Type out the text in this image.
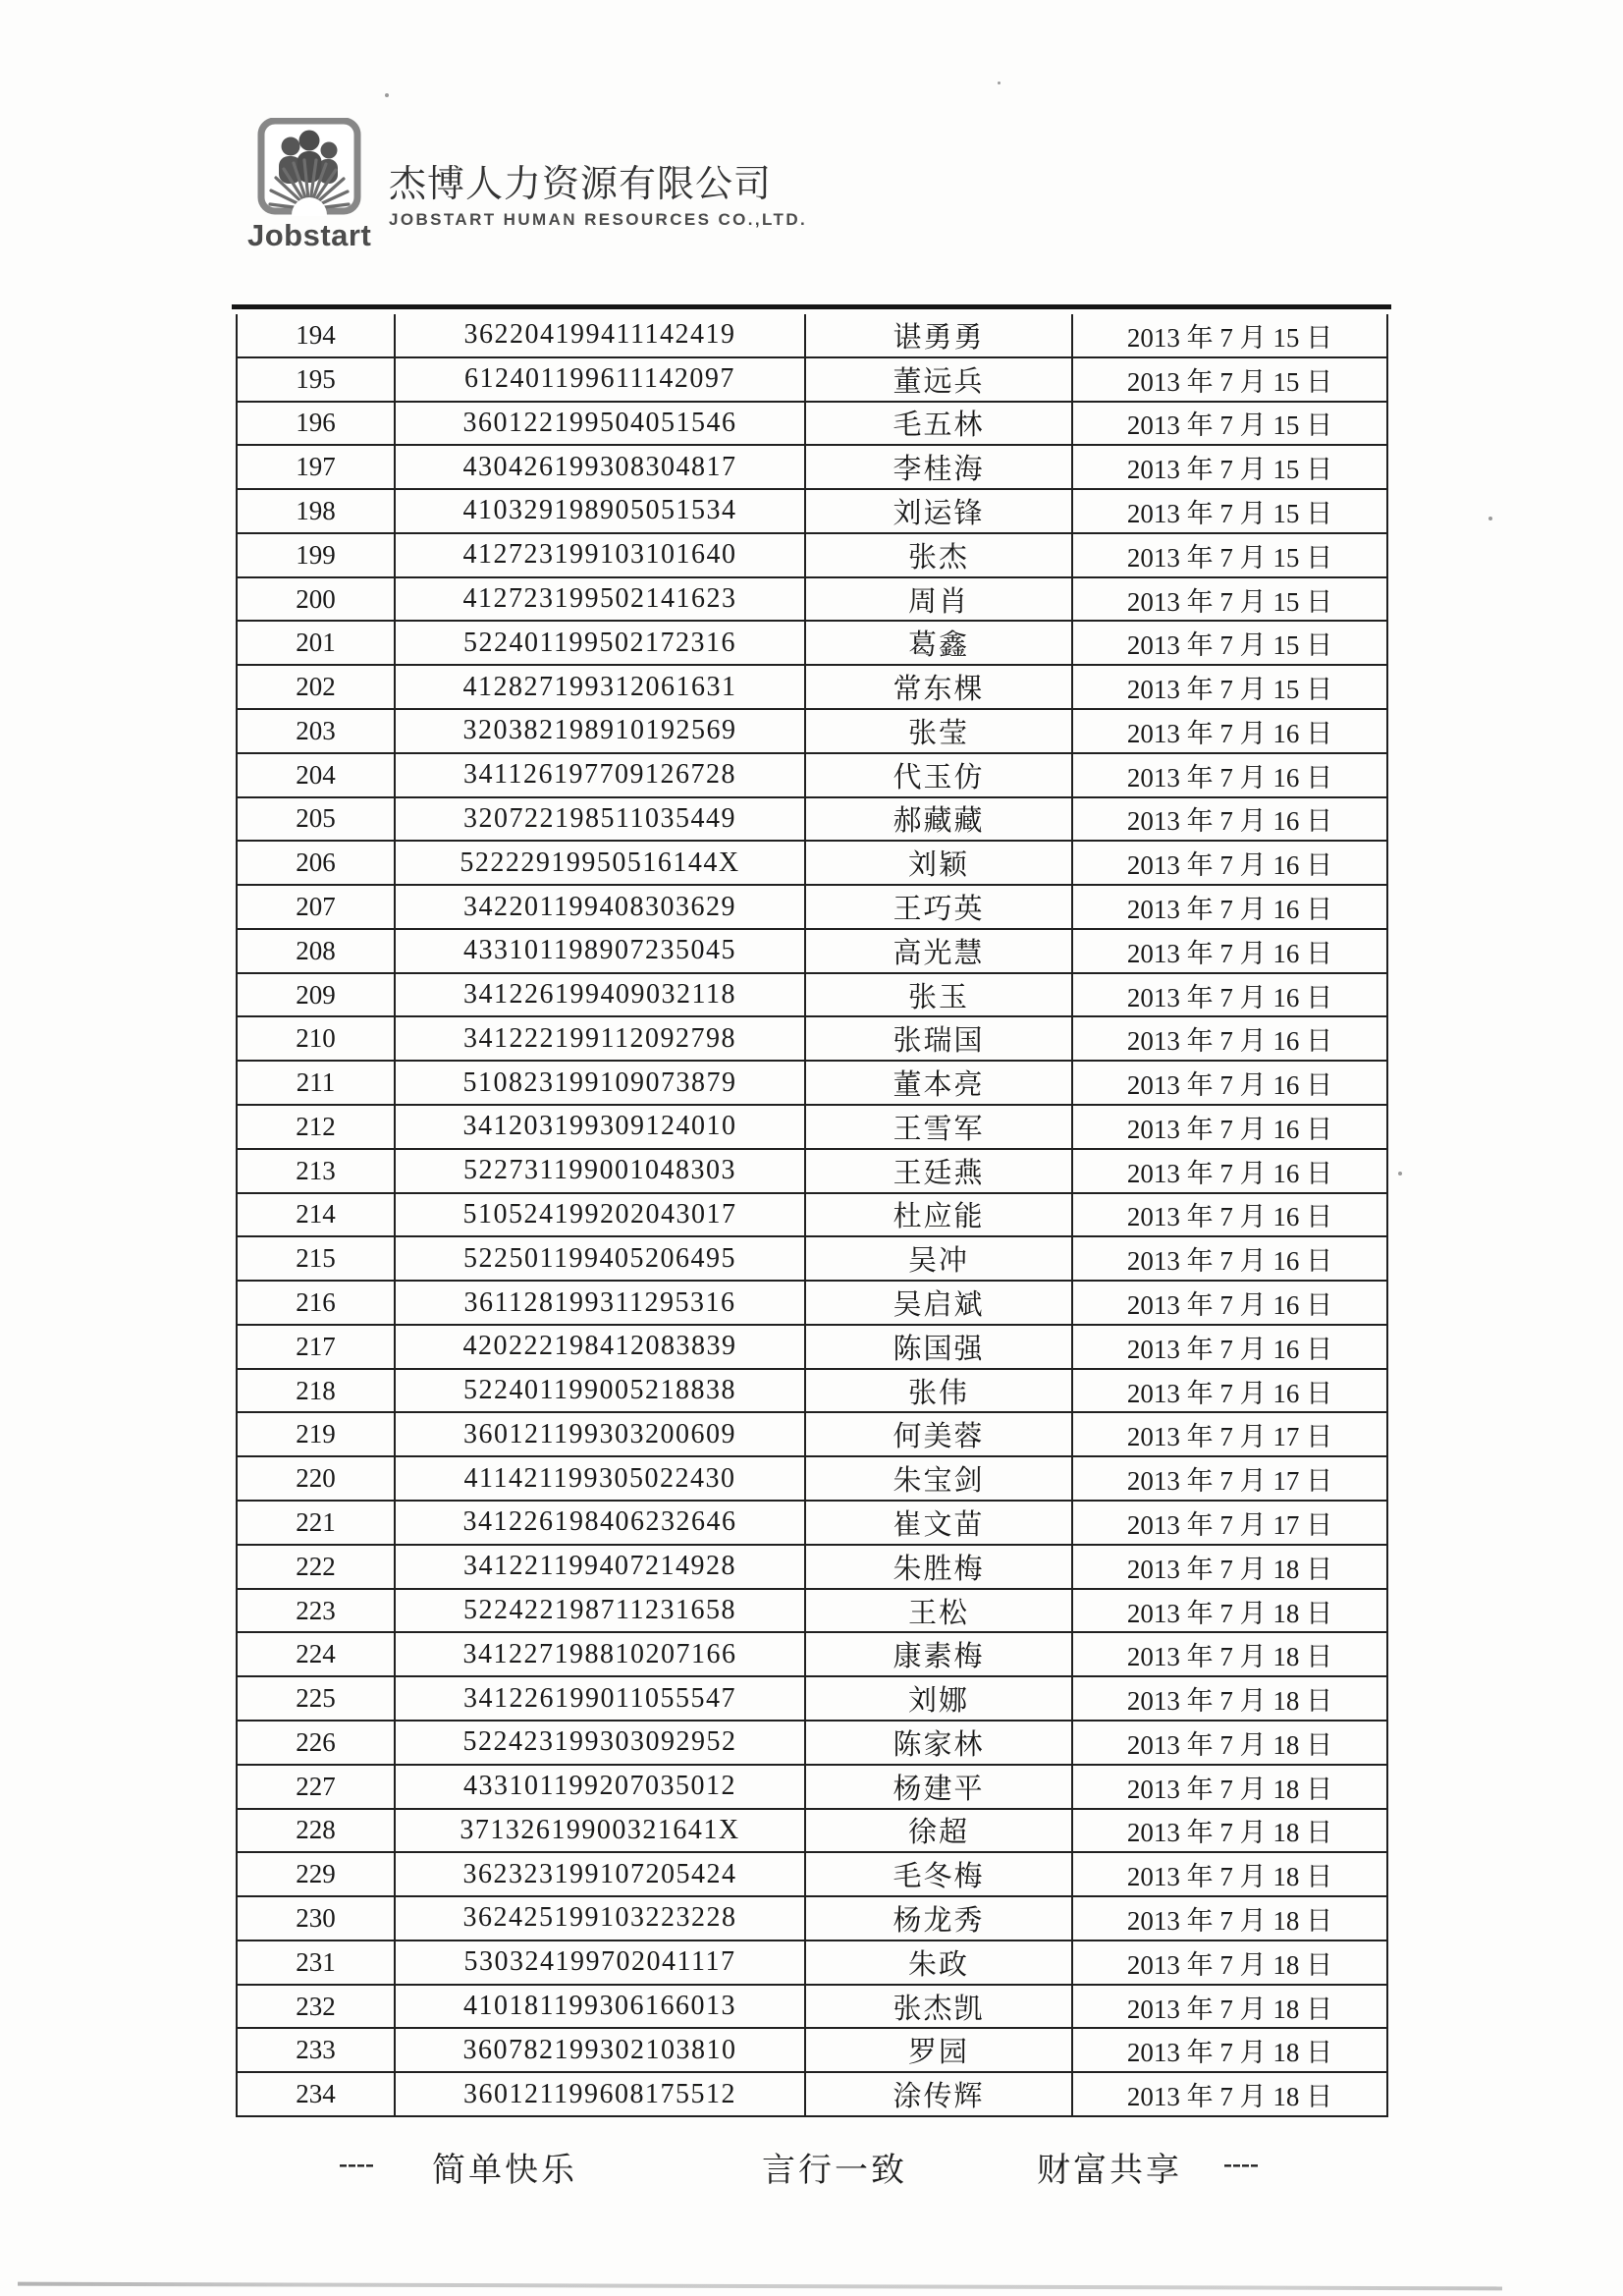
Jobstart
杰博人力资源有限公司
JOBSTART HUMAN RESOURCES CO.,LTD.
194	362204199411142419	谌勇勇	2013 年 7 月 15 日
195	612401199611142097	董远兵	2013 年 7 月 15 日
196	360122199504051546	毛五林	2013 年 7 月 15 日
197	430426199308304817	李桂海	2013 年 7 月 15 日
198	410329198905051534	刘运锋	2013 年 7 月 15 日
199	412723199103101640	张杰	2013 年 7 月 15 日
200	412723199502141623	周肖	2013 年 7 月 15 日
201	522401199502172316	葛鑫	2013 年 7 月 15 日
202	412827199312061631	常东棵	2013 年 7 月 15 日
203	320382198910192569	张莹	2013 年 7 月 16 日
204	341126197709126728	代玉仿	2013 年 7 月 16 日
205	320722198511035449	郝藏藏	2013 年 7 月 16 日
206	52222919950516144X	刘颖	2013 年 7 月 16 日
207	342201199408303629	王巧英	2013 年 7 月 16 日
208	433101198907235045	高光慧	2013 年 7 月 16 日
209	341226199409032118	张玉	2013 年 7 月 16 日
210	341222199112092798	张瑞国	2013 年 7 月 16 日
211	510823199109073879	董本亮	2013 年 7 月 16 日
212	341203199309124010	王雪军	2013 年 7 月 16 日
213	522731199001048303	王廷燕	2013 年 7 月 16 日
214	510524199202043017	杜应能	2013 年 7 月 16 日
215	522501199405206495	吴冲	2013 年 7 月 16 日
216	361128199311295316	吴启斌	2013 年 7 月 16 日
217	420222198412083839	陈国强	2013 年 7 月 16 日
218	522401199005218838	张伟	2013 年 7 月 16 日
219	360121199303200609	何美蓉	2013 年 7 月 17 日
220	411421199305022430	朱宝剑	2013 年 7 月 17 日
221	341226198406232646	崔文苗	2013 年 7 月 17 日
222	341221199407214928	朱胜梅	2013 年 7 月 18 日
223	522422198711231658	王松	2013 年 7 月 18 日
224	341227198810207166	康素梅	2013 年 7 月 18 日
225	341226199011055547	刘娜	2013 年 7 月 18 日
226	522423199303092952	陈家林	2013 年 7 月 18 日
227	433101199207035012	杨建平	2013 年 7 月 18 日
228	37132619900321641X	徐超	2013 年 7 月 18 日
229	362323199107205424	毛冬梅	2013 年 7 月 18 日
230	362425199103223228	杨龙秀	2013 年 7 月 18 日
231	530324199702041117	朱政	2013 年 7 月 18 日
232	410181199306166013	张杰凯	2013 年 7 月 18 日
233	360782199302103810	罗园	2013 年 7 月 18 日
234	360121199608175512	涂传辉	2013 年 7 月 18 日
---- 简单快乐	言行一致	财富共享 ----
